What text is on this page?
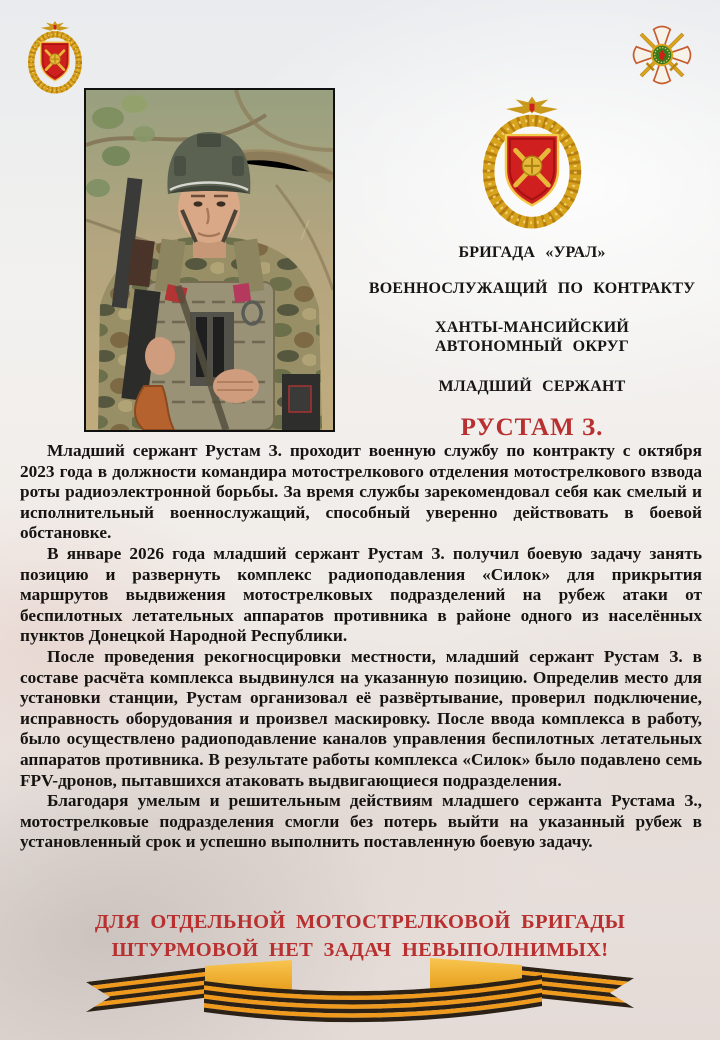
БРИГАДА «УРАЛ»
ВОЕННОСЛУЖАЩИЙ ПО КОНТРАКТУ
ХАНТЫ-МАНСИЙСКИЙ
АВТОНОМНЫЙ ОКРУГ
МЛАДШИЙ СЕРЖАНТ
РУСТАМ З.

Младший сержант Рустам З. проходит военную службу по контракту с октября 2023 года в должности командира мотострелкового отделения мотострелкового взвода роты радиоэлектронной борьбы. За время службы зарекомендовал себя как смелый и исполнительный военнослужащий, способный уверенно действовать в боевой обстановке.

В январе 2026 года младший сержант Рустам З. получил боевую задачу занять позицию и развернуть комплекс радиоподавления «Силок» для прикрытия маршрутов выдвижения мотострелковых подразделений на рубеж атаки от беспилотных летательных аппаратов противника в районе одного из населённых пунктов Донецкой Народной Республики.

После проведения рекогносцировки местности, младший сержант Рустам З. в составе расчёта комплекса выдвинулся на указанную позицию. Определив место для установки станции, Рустам организовал её развёртывание, проверил подключение, исправность оборудования и произвел маскировку. После ввода комплекса в работу, было осуществлено радиоподавление каналов управления беспилотных летательных аппаратов противника. В результате работы комплекса «Силок» было подавлено семь FPV-дронов, пытавшихся атаковать выдвигающиеся подразделения.

Благодаря умелым и решительным действиям младшего сержанта Рустама З., мотострелковые подразделения смогли без потерь выйти на указанный рубеж в установленный срок и успешно выполнить поставленную боевую задачу.

ДЛЯ ОТДЕЛЬНОЙ МОТОСТРЕЛКОВОЙ БРИГАДЫ
ШТУРМОВОЙ НЕТ ЗАДАЧ НЕВЫПОЛНИМЫХ!
